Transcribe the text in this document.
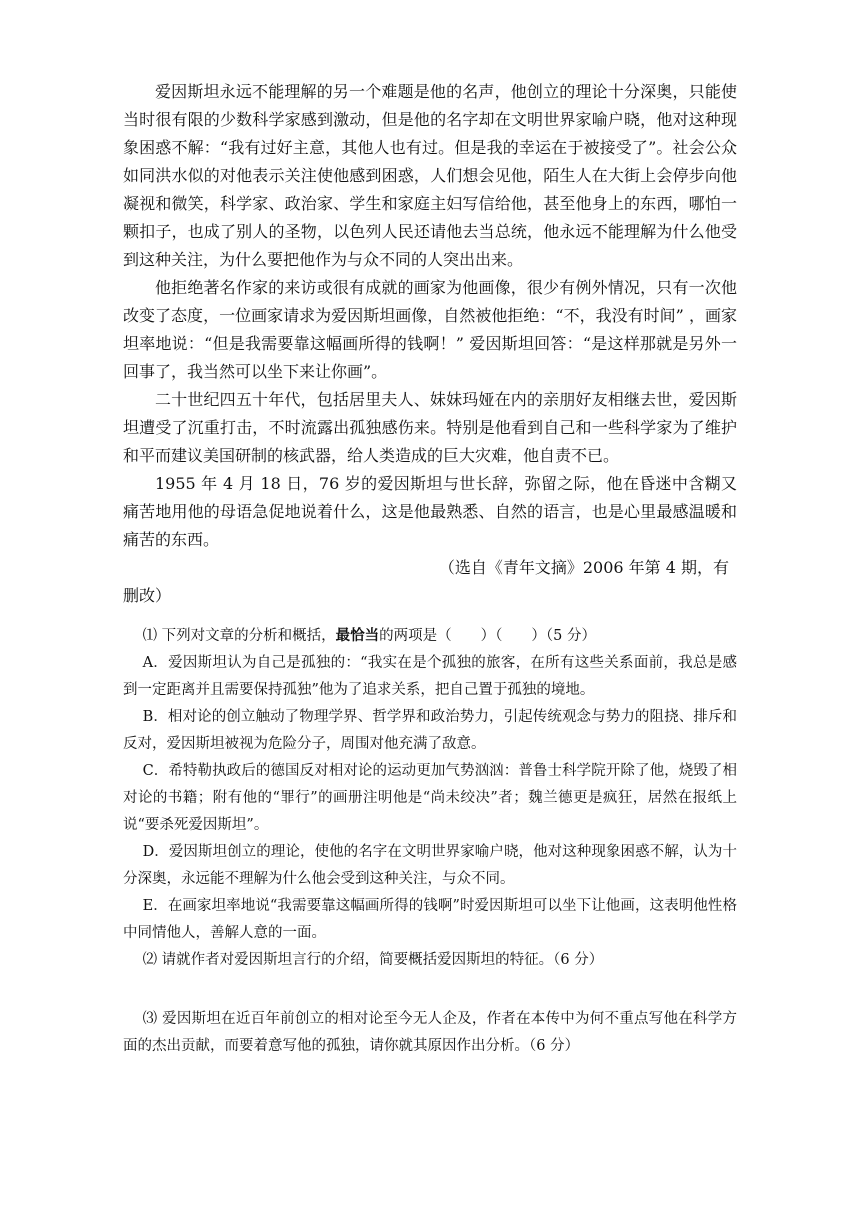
爱因斯坦永远不能理解的另一个难题是他的名声，他创立的理论十分深奥，只能使当时很有限的少数科学家感到激动，但是他的名字却在文明世界家喻户晓，他对这种现象困惑不解：“我有过好主意，其他人也有过。但是我的幸运在于被接受了”。社会公众如同洪水似的对他表示关注使他感到困惑，人们想会见他，陌生人在大街上会停步向他凝视和微笑，科学家、政治家、学生和家庭主妇写信给他，甚至他身上的东西，哪怕一颗扣子，也成了别人的圣物，以色列人民还请他去当总统，他永远不能理解为什么他受到这种关注，为什么要把他作为与众不同的人突出出来。

他拒绝著名作家的来访或很有成就的画家为他画像，很少有例外情况，只有一次他改变了态度，一位画家请求为爱因斯坦画像，自然被他拒绝：“不，我没有时间” ，画家坦率地说：“但是我需要靠这幅画所得的钱啊！” 爱因斯坦回答：“是这样那就是另外一回事了，我当然可以坐下来让你画”。

二十世纪四五十年代，包括居里夫人、妹妹玛娅在内的亲朋好友相继去世，爱因斯坦遭受了沉重打击，不时流露出孤独感伤来。特别是他看到自己和一些科学家为了维护和平而建议美国研制的核武器，给人类造成的巨大灾难，他自责不已。

1955 年 4 月 18 日，76 岁的爱因斯坦与世长辞，弥留之际，他在昏迷中含糊又痛苦地用他的母语急促地说着什么，这是他最熟悉、自然的语言，也是心里最感温暖和痛苦的东西。

（选自《青年文摘》2006 年第 4 期，有
删改）

⑴ 下列对文章的分析和概括，最恰当的两项是（　　）（　　）（5 分）

A．爱因斯坦认为自己是孤独的：“我实在是个孤独的旅客，在所有这些关系面前，我总是感到一定距离并且需要保持孤独”他为了追求关系，把自己置于孤独的境地。

B．相对论的创立触动了物理学界、哲学界和政治势力，引起传统观念与势力的阻挠、排斥和反对，爱因斯坦被视为危险分子，周围对他充满了敌意。

C．希特勒执政后的德国反对相对论的运动更加气势汹汹：普鲁士科学院开除了他，烧毁了相对论的书籍；附有他的“罪行”的画册注明他是“尚未绞决”者；魏兰德更是疯狂，居然在报纸上说“要杀死爱因斯坦”。

D．爱因斯坦创立的理论，使他的名字在文明世界家喻户晓，他对这种现象困惑不解，认为十分深奥，永远能不理解为什么他会受到这种关注，与众不同。

E．在画家坦率地说“我需要靠这幅画所得的钱啊”时爱因斯坦可以坐下让他画，这表明他性格中同情他人，善解人意的一面。

⑵ 请就作者对爱因斯坦言行的介绍，简要概括爱因斯坦的特征。（6 分）

⑶ 爱因斯坦在近百年前创立的相对论至今无人企及，作者在本传中为何不重点写他在科学方面的杰出贡献，而要着意写他的孤独，请你就其原因作出分析。（6 分）
